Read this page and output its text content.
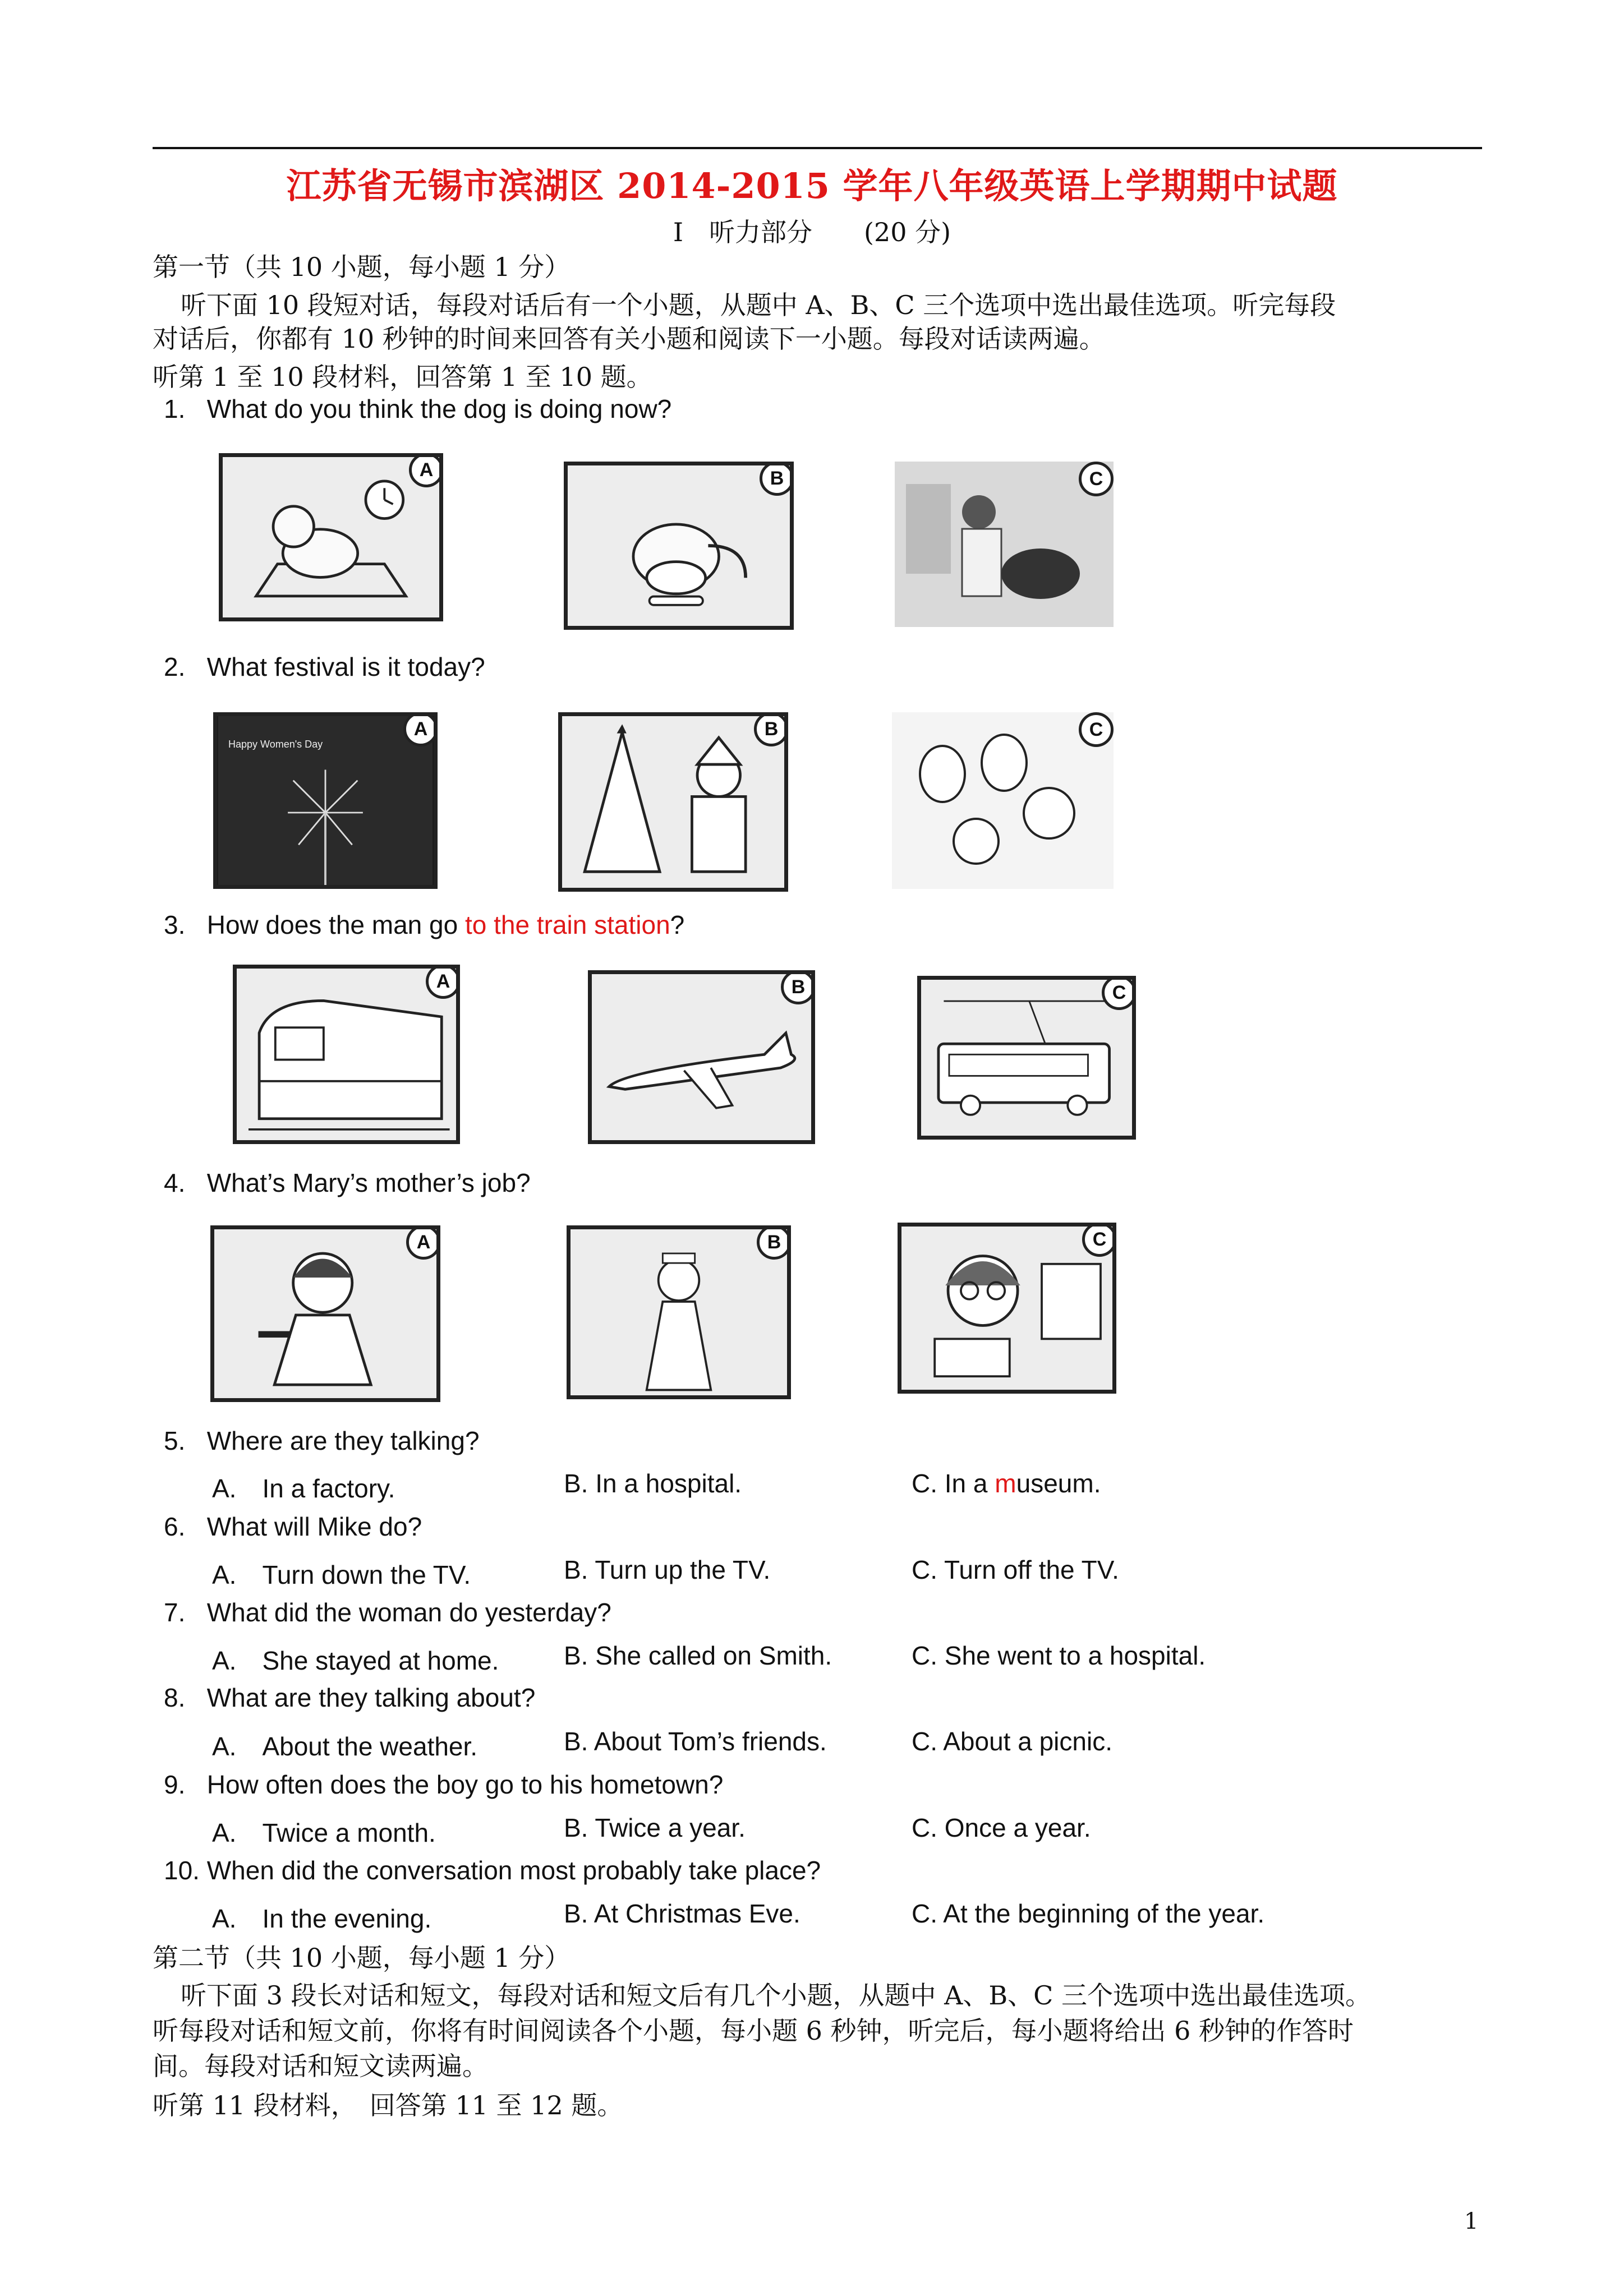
江苏省无锡市滨湖区 2014-2015 学年八年级英语上学期期中试题
I　听力部分　　(20 分)
第一节（共 10 小题，每小题 1 分）
听下面 10 段短对话，每段对话后有一个小题，从题中 A、B、C 三个选项中选出最佳选项。听完每段
对话后，你都有 10 秒钟的时间来回答有关小题和阅读下一小题。每段对话读两遍。
听第 1 至 10 段材料，回答第 1 至 10 题。
1. What do you think the dog is doing now?
A	B	C
2. What festival is it today?
Happy Women's Day
A	B	C
3. How does the man go to the train station?
A	B	C
4. What’s Mary’s mother’s job?
A	B	C
5. Where are they talking?
A.　In a factory.	B. In a hospital.	C. In a museum.
6. What will Mike do?
A.　Turn down the TV.	B. Turn up the TV.	C. Turn off the TV.
7. What did the woman do yesterday?
A.　She stayed at home.	B. She called on Smith.	C. She went to a hospital.
8. What are they talking about?
A.　About the weather.	B. About Tom’s friends.	C. About a picnic.
9. How often does the boy go to his hometown?
A.　Twice a month.	B. Twice a year.	C. Once a year.
10. When did the conversation most probably take place?
A.　In the evening.	B. At Christmas Eve.	C. At the beginning of the year.
第二节（共 10 小题，每小题 1 分）
听下面 3 段长对话和短文，每段对话和短文后有几个小题，从题中 A、B、C 三个选项中选出最佳选项。
听每段对话和短文前，你将有时间阅读各个小题，每小题 6 秒钟，听完后，每小题将给出 6 秒钟的作答时
间。每段对话和短文读两遍。
听第 11 段材料，　回答第 11 至 12 题。
1
